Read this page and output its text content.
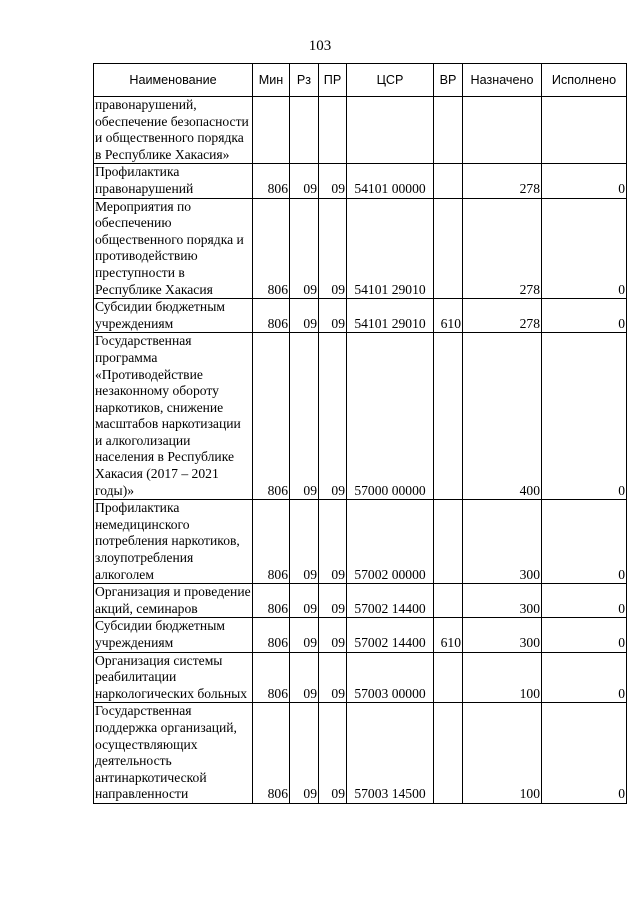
103
Наименование	Мин	Рз	ПР	ЦСР	ВР	Назначено	Исполнено
правонарушений, обеспечение безопасности и общественного порядка в Республике Хакасия»							
Профилактика правонарушений	806	09	09	54101 00000		278	0
Мероприятия по обеспечению общественного порядка и противодействию преступности в Республике Хакасия	806	09	09	54101 29010		278	0
Субсидии бюджетным учреждениям	806	09	09	54101 29010	610	278	0
Государственная программа «Противодействие незаконному обороту наркотиков, снижение масштабов наркотизации и алкоголизации населения в Республике Хакасия (2017 – 2021 годы)»	806	09	09	57000 00000		400	0
Профилактика немедицинского потребления наркотиков, злоупотребления алкоголем	806	09	09	57002 00000		300	0
Организация и проведение акций, семинаров	806	09	09	57002 14400		300	0
Субсидии бюджетным учреждениям	806	09	09	57002 14400	610	300	0
Организация системы реабилитации наркологических больных	806	09	09	57003 00000		100	0
Государственная поддержка организаций, осуществляющих деятельность антинаркотической направленности	806	09	09	57003 14500		100	0
